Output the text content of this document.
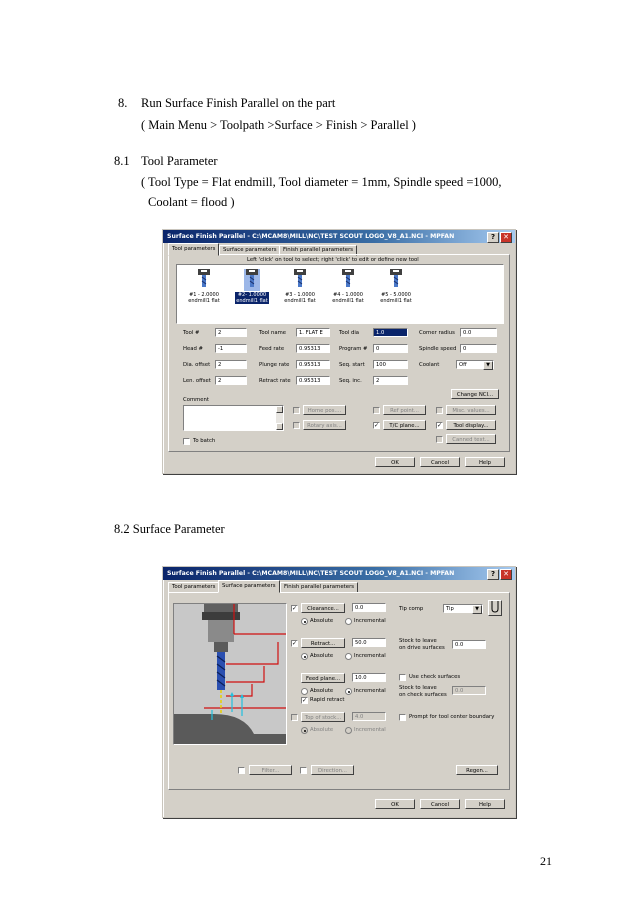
8. Run Surface Finish Parallel on the part
( Main Menu > Toolpath >Surface > Finish > Parallel )
8.1 Tool Parameter
( Tool Type = Flat endmill, Tool diameter = 1mm, Spindle speed =1000,
Coolant = flood )
8.2 Surface Parameter
21
Surface Finish Parallel - C:\MCAM8\MILL\NC\TEST SCOUT LOGO_V8_A1.NCI - MPFAN	?	✕
Tool parameters	Surface parameters	Finish parallel parameters
Left 'click' on tool to select; right 'click' to edit or define new tool
#1 - 2.0000
endmill1 flat
#2- 1.0000
endmill1 flat
#3 - 1.0000
endmill1 flat
#4 - 1.0000
endmill1 flat
#5 - 5.0000
endmill1 flat
Tool #	2
Head #	-1
Dia. offset	2
Len. offset	2
Tool name	1. FLAT E
Feed rate	0.95313
Plunge rate	0.95313
Retract rate	0.95313
Tool dia	1.0
Program #	0
Seq. start	100
Seq. inc.	2
Corner radius	0.0
Spindle speed	0
Coolant	Off	▼
Change NCI...
Comment
Home pos....	Ref point...	Misc. values...
Rotary axis...	✓	T/C plane...	✓	Tool display...
To batch	Canned text...
OK	Cancel	Help
Surface Finish Parallel - C:\MCAM8\MILL\NC\TEST SCOUT LOGO_V8_A1.NCI - MPFAN	?	✕
Tool parameters	Surface parameters	Finish parallel parameters
✓	Clearance...	0.0
Absolute	Incremental
✓	Retract...	50.0
Absolute	Incremental
Feed plane...	10.0
Absolute	Incremental
✓ Rapid retract
Top of stock...	4.0
Absolute	Incremental
Tip comp	Tip	▼
Stock to leave
on drive surfaces	0.0
Use check surfaces
Stock to leave
on check surfaces
0.0
Prompt for tool center boundary
Filter...	Direction...	Regen...
OK	Cancel	Help
